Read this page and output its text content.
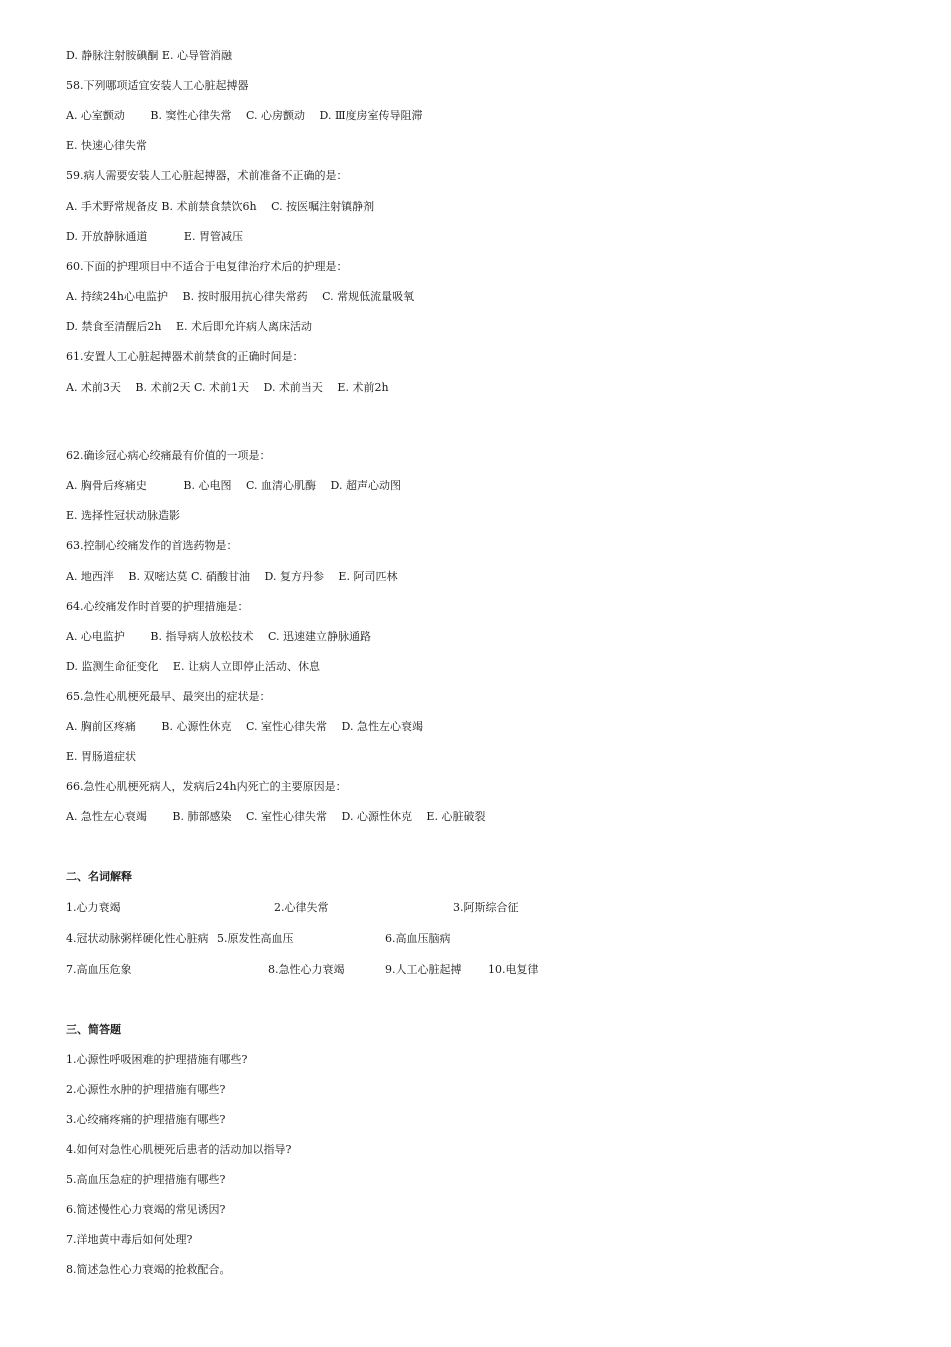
D. 静脉注射胺碘酮 E. 心导管消融
58.下列哪项适宜安装人工心脏起搏器
A. 心室颤动　　 B. 窦性心律失常　 C. 心房颤动　 D. Ⅲ度房室传导阻滞
E. 快速心律失常
59.病人需要安装人工心脏起搏器，术前准备不正确的是：
A. 手术野常规备皮 B. 术前禁食禁饮6h　 C. 按医嘱注射镇静剂
D. 开放静脉通道　　　 E. 胃管减压
60.下面的护理项目中不适合于电复律治疗术后的护理是：
A. 持续24h心电监护　 B. 按时服用抗心律失常药　 C. 常规低流量吸氧
D. 禁食至清醒后2h　 E. 术后即允许病人离床活动
61.安置人工心脏起搏器术前禁食的正确时间是：
A. 术前3天　 B. 术前2天 C. 术前1天　 D. 术前当天　 E. 术前2h
62.确诊冠心病心绞痛最有价值的一项是：
A. 胸骨后疼痛史　　　 B. 心电图　 C. 血清心肌酶　 D. 超声心动图
E. 选择性冠状动脉造影
63.控制心绞痛发作的首选药物是：
A. 地西泮　 B. 双嘧达莫 C. 硝酸甘油　 D. 复方丹参　 E. 阿司匹林
64.心绞痛发作时首要的护理措施是：
A. 心电监护　　 B. 指导病人放松技术　 C. 迅速建立静脉通路
D. 监测生命征变化　 E. 让病人立即停止活动、休息
65.急性心肌梗死最早、最突出的症状是：
A. 胸前区疼痛　　 B. 心源性休克　 C. 室性心律失常　 D. 急性左心衰竭
E. 胃肠道症状
66.急性心肌梗死病人，发病后24h内死亡的主要原因是：
A. 急性左心衰竭　　 B. 肺部感染　 C. 室性心律失常　 D. 心源性休克　 E. 心脏破裂
二、名词解释
1.心力衰竭	2.心律失常	3.阿斯综合征
4.冠状动脉粥样硬化性心脏病 5.原发性高血压	6.高血压脑病
7.高血压危象	8.急性心力衰竭	9.人工心脏起搏 10.电复律
三、简答题
1.心源性呼吸困难的护理措施有哪些?
2.心源性水肿的护理措施有哪些?
3.心绞痛疼痛的护理措施有哪些?
4.如何对急性心肌梗死后患者的活动加以指导?
5.高血压急症的护理措施有哪些?
6.简述慢性心力衰竭的常见诱因?
7.洋地黄中毒后如何处理?
8.简述急性心力衰竭的抢救配合。
